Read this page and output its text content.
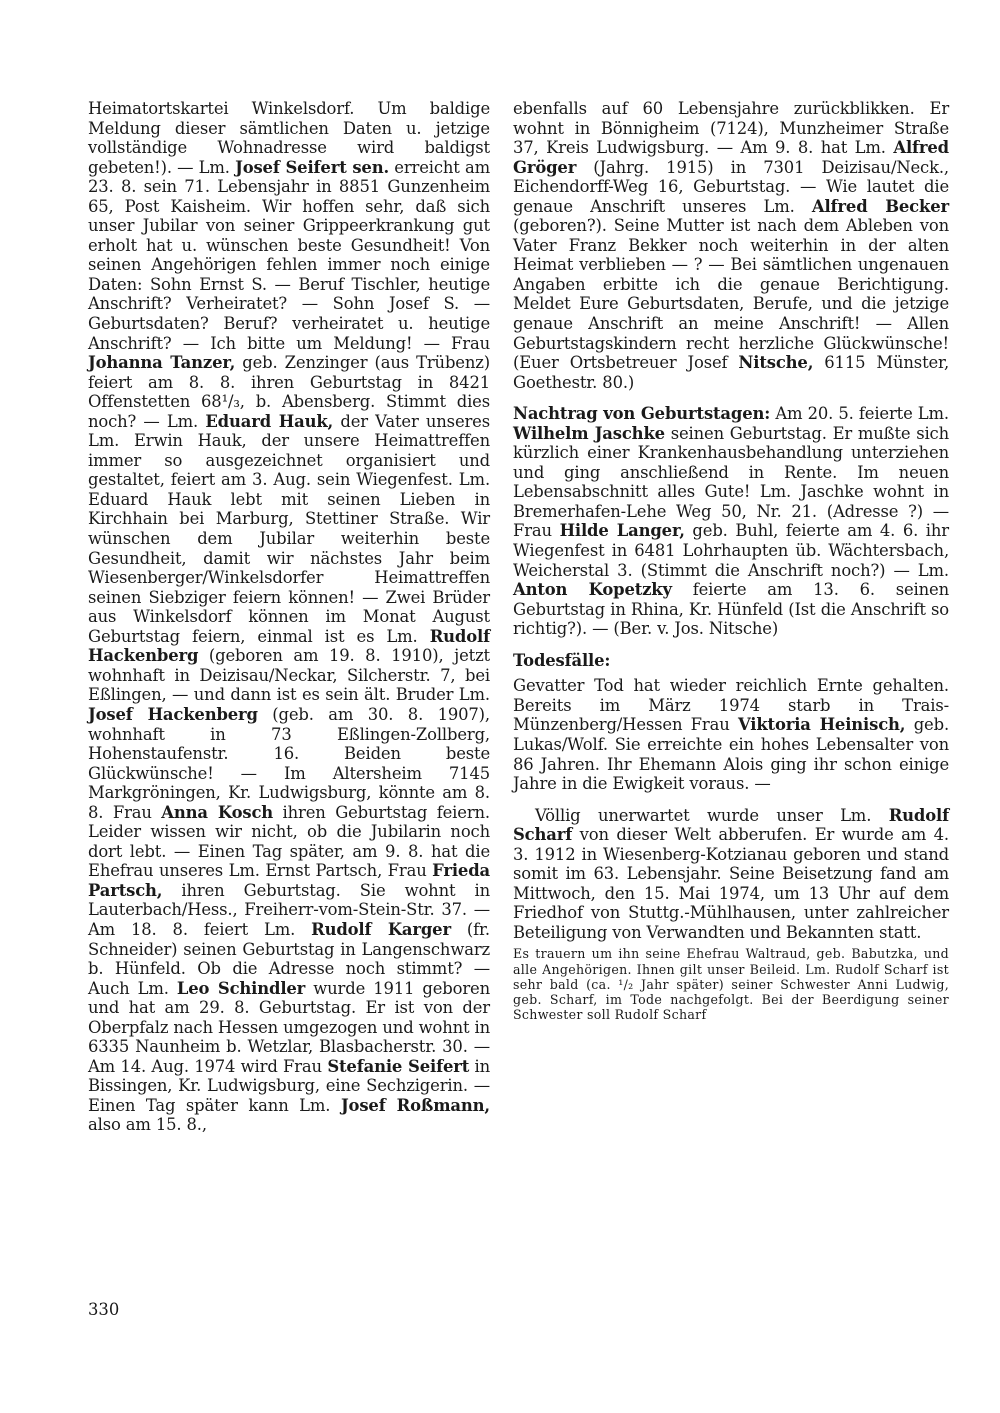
Heimatortskartei Winkelsdorf. Um baldige Meldung dieser sämtlichen Daten u. jetzige vollständige Wohnadresse wird baldigst gebeten!). — Lm. Josef Seifert sen. erreicht am 23. 8. sein 71. Lebensjahr in 8851 Gunzenheim 65, Post Kaisheim. Wir hoffen sehr, daß sich unser Jubilar von seiner Grippeerkrankung gut erholt hat u. wünschen beste Gesundheit! Von seinen Angehörigen fehlen immer noch einige Daten: Sohn Ernst S. — Beruf Tischler, heutige Anschrift? Verheiratet? — Sohn Josef S. — Geburtsdaten? Beruf? verheiratet u. heutige Anschrift? — Ich bitte um Meldung! — Frau Johanna Tanzer, geb. Zenzinger (aus Trübenz) feiert am 8. 8. ihren Geburtstag in 8421 Offenstetten 68¹/₃, b. Abensberg. Stimmt dies noch? — Lm. Eduard Hauk, der Vater unseres Lm. Erwin Hauk, der unsere Heimattreffen immer so ausgezeichnet organisiert und gestaltet, feiert am 3. Aug. sein Wiegenfest. Lm. Eduard Hauk lebt mit seinen Lieben in Kirchhain bei Marburg, Stettiner Straße. Wir wünschen dem Jubilar weiterhin beste Gesundheit, damit wir nächstes Jahr beim Wiesenberger/Winkelsdorfer Heimattreffen seinen Siebziger feiern können! — Zwei Brüder aus Winkelsdorf können im Monat August Geburtstag feiern, einmal ist es Lm. Rudolf Hackenberg (geboren am 19. 8. 1910), jetzt wohnhaft in Deizisau/Neckar, Silcherstr. 7, bei Eßlingen, — und dann ist es sein ält. Bruder Lm. Josef Hackenberg (geb. am 30. 8. 1907), wohnhaft in 73 Eßlingen-Zollberg, Hohenstaufenstr. 16. Beiden beste Glückwünsche! — Im Altersheim 7145 Markgröningen, Kr. Ludwigsburg, könnte am 8. 8. Frau Anna Kosch ihren Geburtstag feiern. Leider wissen wir nicht, ob die Jubilarin noch dort lebt. — Einen Tag später, am 9. 8. hat die Ehefrau unseres Lm. Ernst Partsch, Frau Frieda Partsch, ihren Geburtstag. Sie wohnt in Lauterbach/Hess., Freiherr-vom-Stein-Str. 37. — Am 18. 8. feiert Lm. Rudolf Karger (fr. Schneider) seinen Geburtstag in Langenschwarz b. Hünfeld. Ob die Adresse noch stimmt? — Auch Lm. Leo Schindler wurde 1911 geboren und hat am 29. 8. Geburtstag. Er ist von der Oberpfalz nach Hessen umgezogen und wohnt in 6335 Naunheim b. Wetzlar, Blasbacherstr. 30. — Am 14. Aug. 1974 wird Frau Stefanie Seifert in Bissingen, Kr. Ludwigsburg, eine Sechzigerin. — Einen Tag später kann Lm. Josef Roßmann, also am 15. 8.,

ebenfalls auf 60 Lebensjahre zurückblikken. Er wohnt in Bönnigheim (7124), Munzheimer Straße 37, Kreis Ludwigsburg. — Am 9. 8. hat Lm. Alfred Gröger (Jahrg. 1915) in 7301 Deizisau/Neck., Eichendorff-Weg 16, Geburtstag. — Wie lautet die genaue Anschrift unseres Lm. Alfred Becker (geboren?). Seine Mutter ist nach dem Ableben von Vater Franz Bekker noch weiterhin in der alten Heimat verblieben — ? — Bei sämtlichen ungenauen Angaben erbitte ich die genaue Berichtigung. Meldet Eure Geburtsdaten, Berufe, und die jetzige genaue Anschrift an meine Anschrift! — Allen Geburtstagskindern recht herzliche Glückwünsche! (Euer Ortsbetreuer Josef Nitsche, 6115 Münster, Goethestr. 80.)

Nachtrag von Geburtstagen: Am 20. 5. feierte Lm. Wilhelm Jaschke seinen Geburtstag. Er mußte sich kürzlich einer Krankenhausbehandlung unterziehen und ging anschließend in Rente. Im neuen Lebensabschnitt alles Gute! Lm. Jaschke wohnt in Bremerhafen-Lehe Weg 50, Nr. 21. (Adresse ?) — Frau Hilde Langer, geb. Buhl, feierte am 4. 6. ihr Wiegenfest in 6481 Lohrhaupten üb. Wächtersbach, Weicherstal 3. (Stimmt die Anschrift noch?) — Lm. Anton Kopetzky feierte am 13. 6. seinen Geburtstag in Rhina, Kr. Hünfeld (Ist die Anschrift so richtig?). — (Ber. v. Jos. Nitsche)

Todesfälle:

Gevatter Tod hat wieder reichlich Ernte gehalten. Bereits im März 1974 starb in Trais-Münzenberg/Hessen Frau Viktoria Heinisch, geb. Lukas/Wolf. Sie erreichte ein hohes Lebensalter von 86 Jahren. Ihr Ehemann Alois ging ihr schon einige Jahre in die Ewigkeit voraus. —

Völlig unerwartet wurde unser Lm. Rudolf Scharf von dieser Welt abberufen. Er wurde am 4. 3. 1912 in Wiesenberg-Kotzianau geboren und stand somit im 63. Lebensjahr. Seine Beisetzung fand am Mittwoch, den 15. Mai 1974, um 13 Uhr auf dem Friedhof von Stuttg.-Mühlhausen, unter zahlreicher Beteiligung von Verwandten und Bekannten statt.

Es trauern um ihn seine Ehefrau Waltraud, geb. Babutzka, und alle Angehörigen. Ihnen gilt unser Beileid. Lm. Rudolf Scharf ist sehr bald (ca. ¹/₂ Jahr später) seiner Schwester Anni Ludwig, geb. Scharf, im Tode nachgefolgt. Bei der Beerdigung seiner Schwester soll Rudolf Scharf

330
